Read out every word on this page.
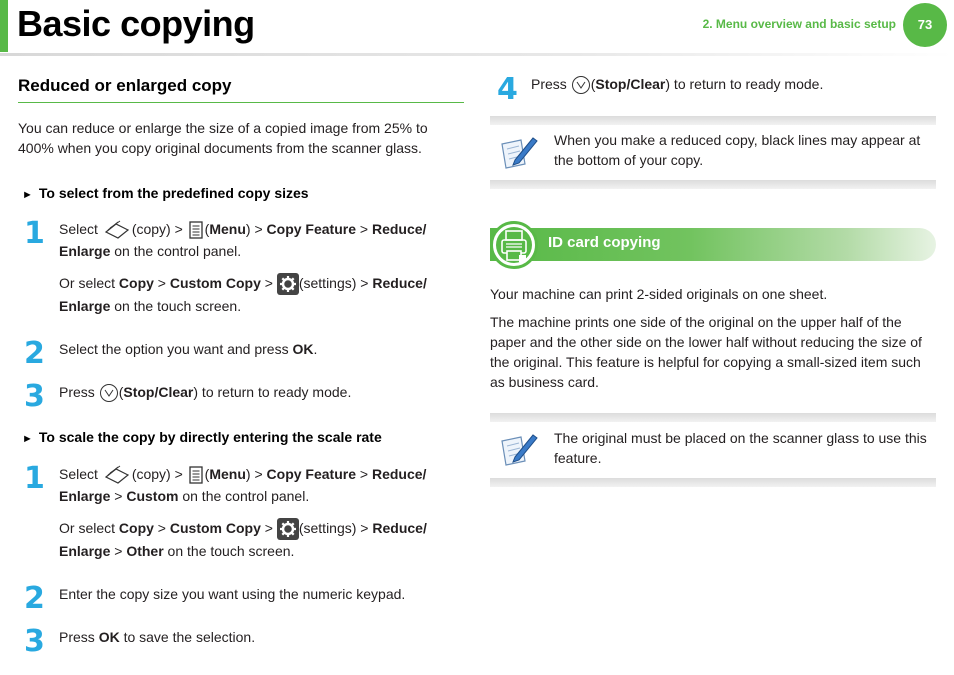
Basic copying	2. Menu overview and basic setup	73
Reduced or enlarged copy
You can reduce or enlarge the size of a copied image from 25% to 400% when you copy original documents from the scanner glass.
► To select from the predefined copy sizes
1 Select (copy) > (Menu) > Copy Feature > Reduce/
Enlarge on the control panel.
Or select Copy > Custom Copy > (settings) > Reduce/
Enlarge on the touch screen.
2 Select the option you want and press OK.
3 Press (Stop/Clear) to return to ready mode.
► To scale the copy by directly entering the scale rate
1 Select (copy) > (Menu) > Copy Feature > Reduce/
Enlarge > Custom on the control panel.
Or select Copy > Custom Copy > (settings) > Reduce/
Enlarge > Other on the touch screen.
2 Enter the copy size you want using the numeric keypad.
3 Press OK to save the selection.
4 Press (Stop/Clear) to return to ready mode.
When you make a reduced copy, black lines may appear at the bottom of your copy.
ID card copying
Your machine can print 2-sided originals on one sheet.
The machine prints one side of the original on the upper half of the paper and the other side on the lower half without reducing the size of the original. This feature is helpful for copying a small-sized item such as business card.
The original must be placed on the scanner glass to use this feature.
